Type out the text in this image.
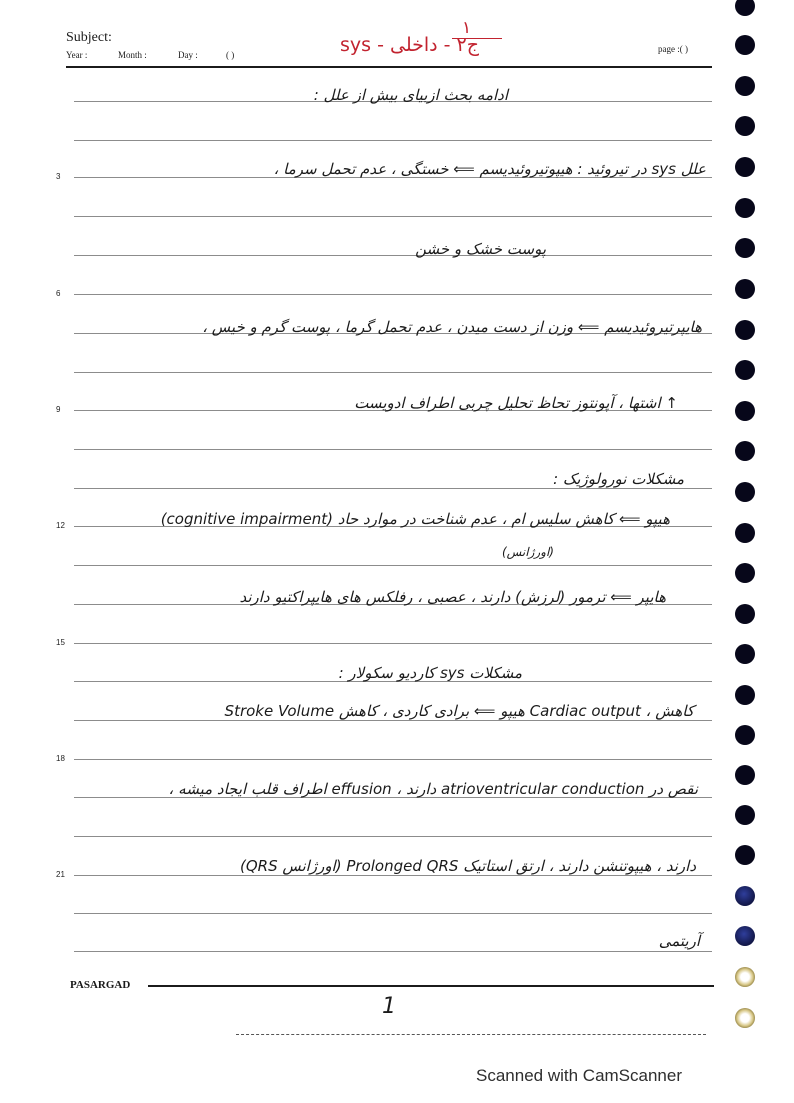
Subject:
Year :	Month :	Day :	( )
page :( )
۱
ج۲ - داخلی - sys
3
6
9
12
15
18
21
ادامه بحث ازبیای بیش از علل :
علل sys در تیروئید : هیپوتیروئیدیسم ⟸ خستگی ، عدم تحمل سرما ،
پوست خشک و خشن
هایپرتیروئیدیسم ⟸ وزن از دست میدن ، عدم تحمل گرما ، پوست گرم و خیس ،
↑ اشتها ، آپونتوز تحاظ تحلیل چربی اطراف ادویست
مشکلات نورولوژیک :
(cognitive impairment) هیپو ⟸ کاهش سلیس ام ، عدم شناخت در موارد حاد
(اورژانس)
هایپر ⟸ ترمور (لرزش) دارند ، عصبی ، رفلکس های هایپراکتیو دارند
مشکلات sys کاردیو سکولار :
Stroke Volume هیپو ⟸ برادی کاردی ، کاهش Cardiac output ، کاهش
نقص در atrioventricular conduction دارند ، effusion اطراف قلب ایجاد میشه ،
(QRS اورژانس) Prolonged QRS دارند ، هیپوتنشن دارند ، ارتق استاتیک
آریتمی
PASARGAD
1
Scanned with CamScanner
